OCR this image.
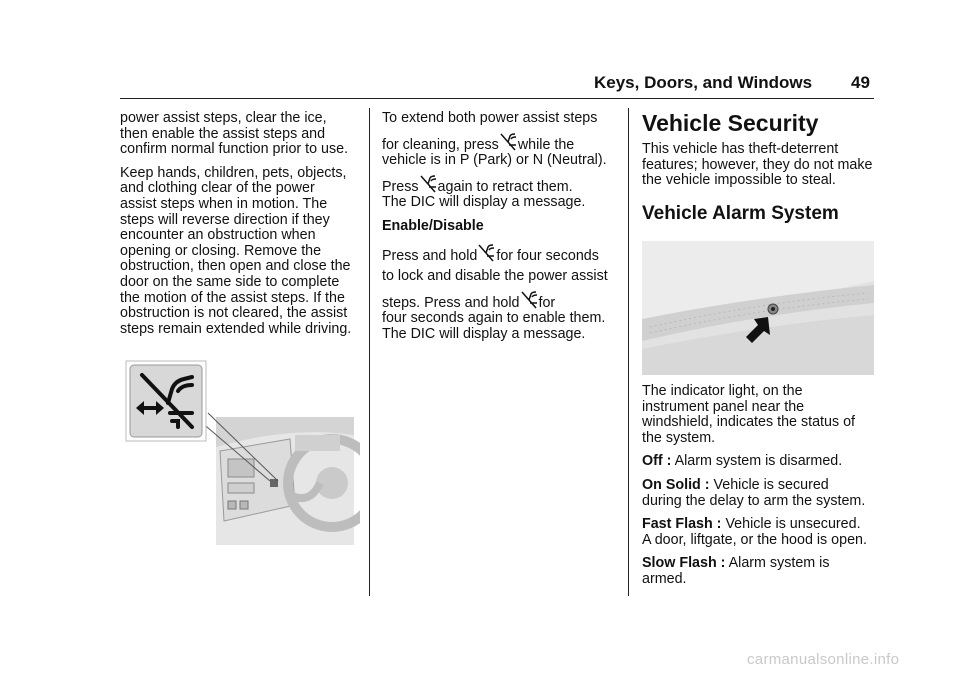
Keys, Doors, and Windows 49

power assist steps, clear the ice,
then enable the assist steps and
confirm normal function prior to use.

Keep hands, children, pets, objects,
and clothing clear of the power
assist steps when in motion. The
steps will reverse direction if they
encounter an obstruction when
opening or closing. Remove the
obstruction, then open and close the
door on the same side to complete
the motion of the assist steps. If the
obstruction is not cleared, the assist
steps remain extended while driving.

To extend both power assist steps
for cleaning, press while the
vehicle is in P (Park) or N (Neutral).
Press again to retract them.
The DIC will display a message.

Enable/Disable

Press and hold for four seconds
to lock and disable the power assist
steps. Press and hold for
four seconds again to enable them.
The DIC will display a message.

Vehicle Security
This vehicle has theft-deterrent
features; however, they do not make
the vehicle impossible to steal.
Vehicle Alarm System

The indicator light, on the
instrument panel near the
windshield, indicates the status of
the system.

Off : Alarm system is disarmed.

On Solid : Vehicle is secured
during the delay to arm the system.

Fast Flash : Vehicle is unsecured.
A door, liftgate, or the hood is open.

Slow Flash : Alarm system is
armed.

carmanualsonline.info
